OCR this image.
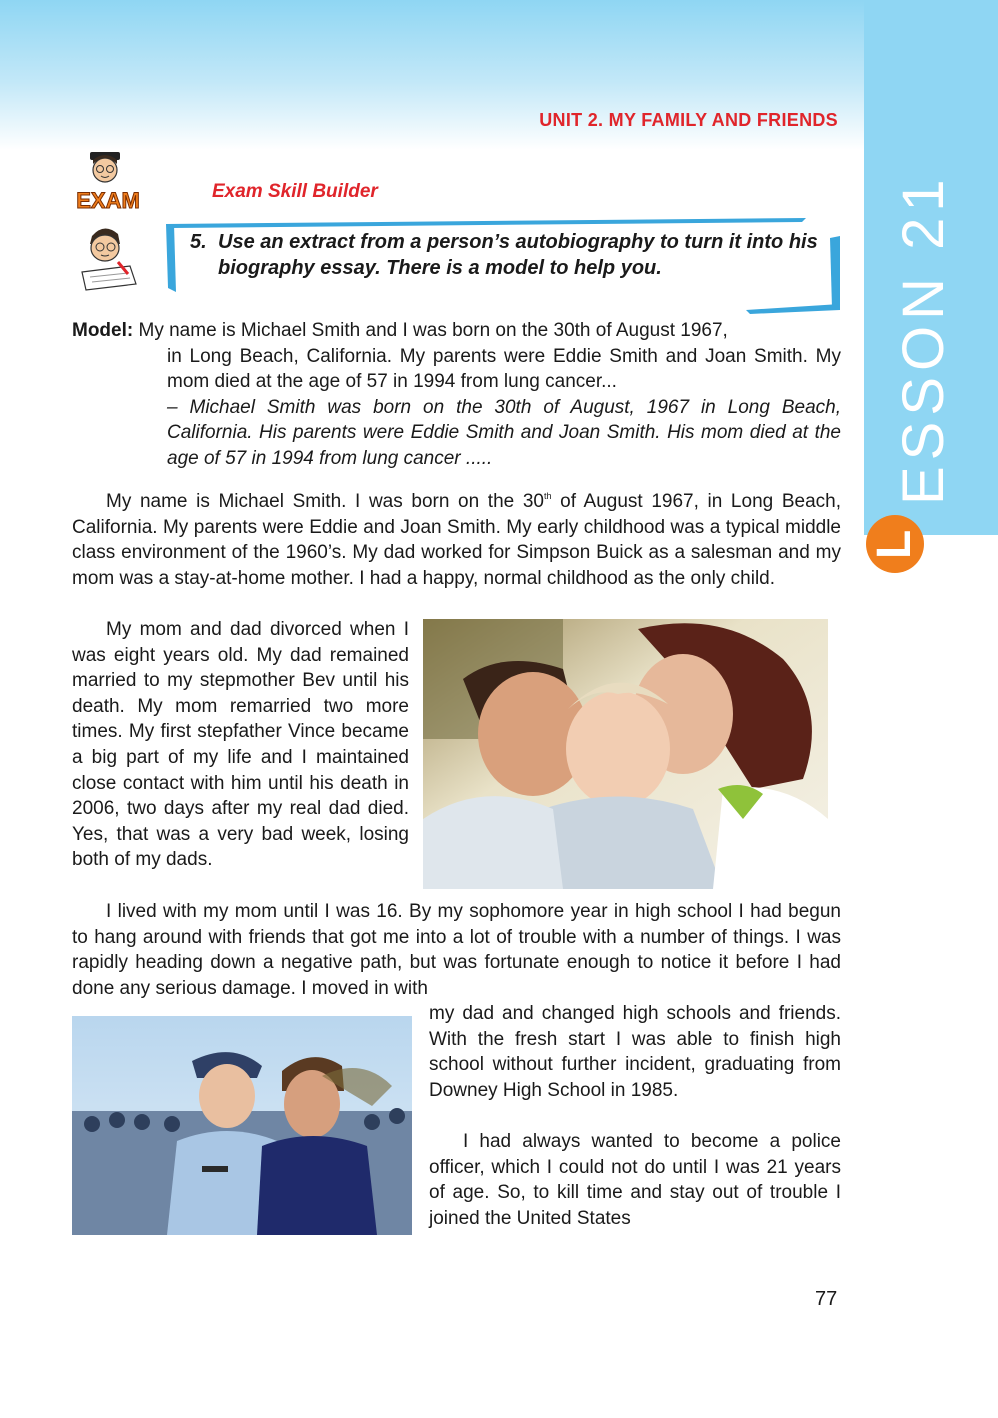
UNIT 2. MY FAMILY AND FRIENDS
ESSON 21
L
EXAM	Exam Skill Builder
5. Use an extract from a person’s autobiography to turn it into his biography essay. There is a model to help you.
Model: My name is Michael Smith and I was born on the 30th of August 1967,
in Long Beach, California. My parents were Eddie Smith and Joan Smith. My mom died at the age of 57 in 1994 from lung cancer...
– Michael Smith was born on the 30th of August, 1967 in Long Beach, California. His parents were Eddie Smith and Joan Smith. His mom died at the age of 57 in 1994 from lung cancer .....

My name is Michael Smith. I was born on the 30th of August 1967, in Long Beach, California. My parents were Eddie and Joan Smith. My early childhood was a typical middle class environment of the 1960’s. My dad worked for Simpson Buick as a salesman and my mom was a stay-at-home mother. I had a happy, normal childhood as the only child.

My mom and dad divorced when I was eight years old. My dad remained married to my stepmother Bev until his death. My mom remarried two more times. My first stepfather Vince became a big part of my life and I maintained close contact with him until his death in 2006, two days after my real dad died. Yes, that was a very bad week, losing both of my dads.

I lived with my mom until I was 16. By my sophomore year in high school I had begun to hang around with friends that got me into a lot of trouble with a number of things. I was rapidly heading down a negative path, but was fortunate enough to notice it before I had done any serious damage. I moved in with

my dad and changed high schools and friends. With the fresh start I was able to finish high school without further incident, graduating from Downey High School in 1985.

I had always wanted to become a police officer, which I could not do until I was 21 years of age. So, to kill time and stay out of trouble I joined the United States

77
